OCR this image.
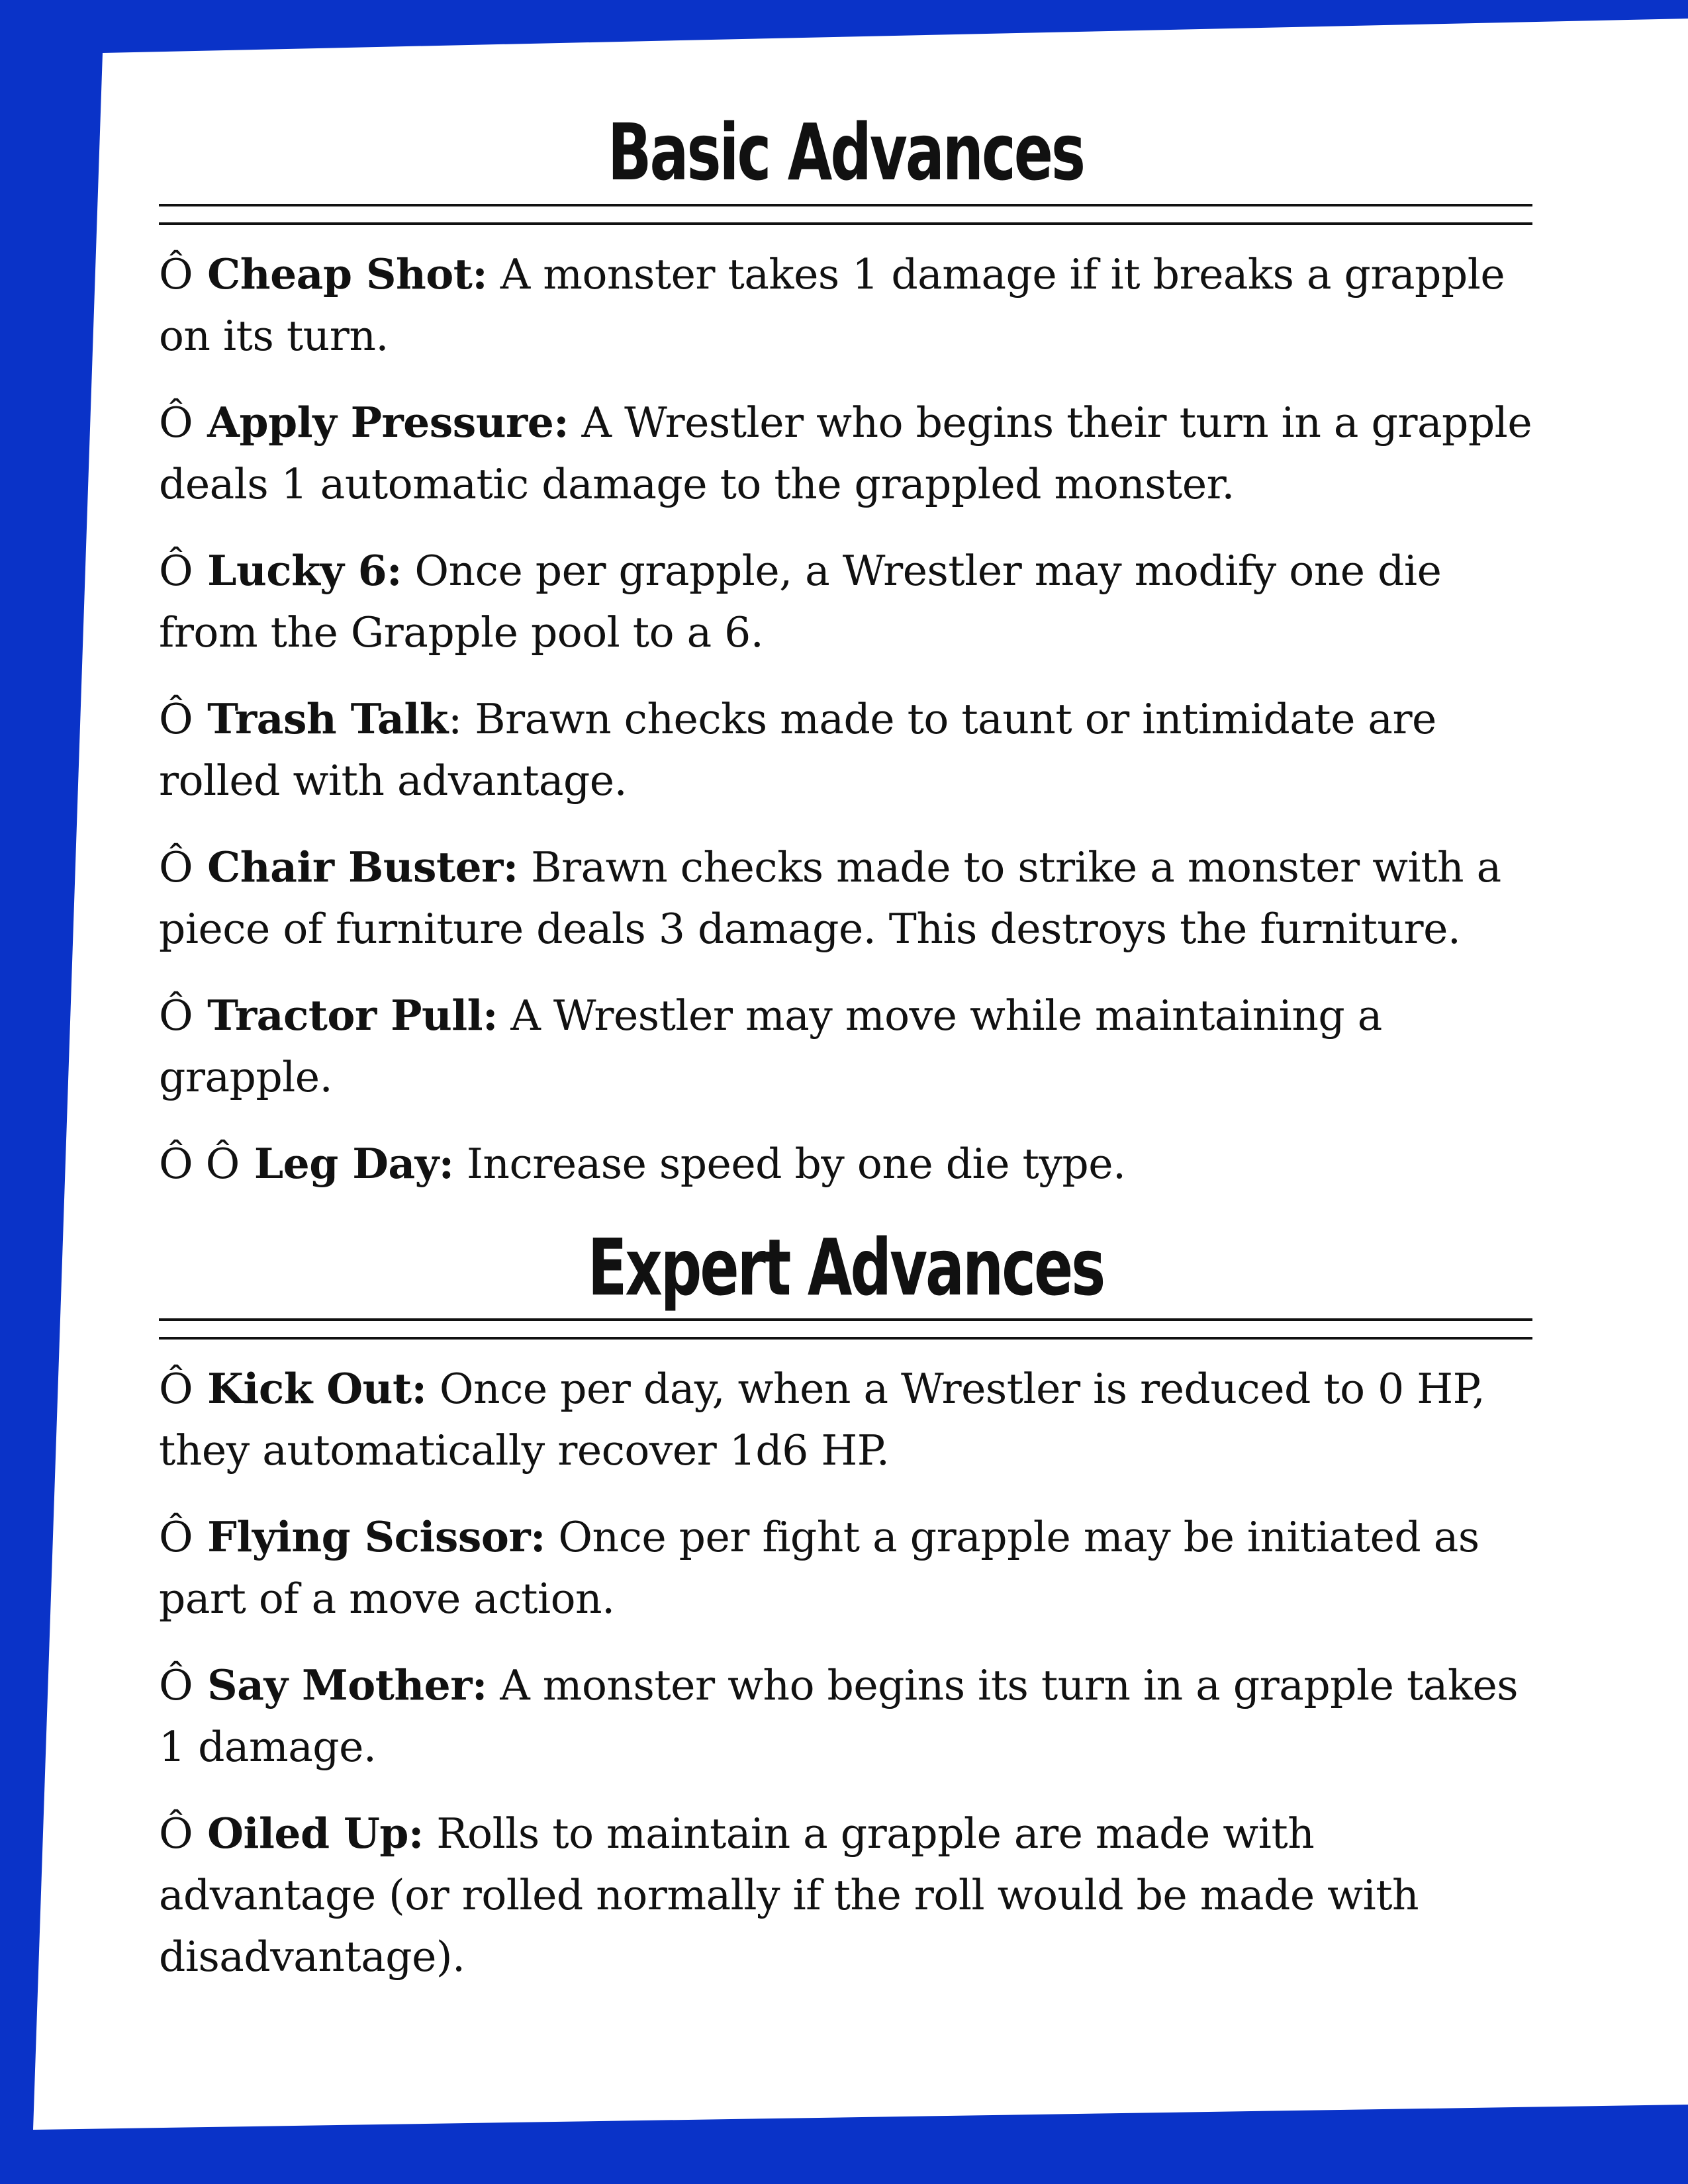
Basic Advances

Ô Cheap Shot: A monster takes 1 damage if it breaks a grapple on its turn.

Ô Apply Pressure: A Wrestler who begins their turn in a grapple deals 1 automatic damage to the grappled monster.

Ô Lucky 6: Once per grapple, a Wrestler may modify one die from the Grapple pool to a 6.

Ô Trash Talk: Brawn checks made to taunt or intimidate are rolled with advantage.

Ô Chair Buster: Brawn checks made to strike a monster with a piece of furniture deals 3 damage. This destroys the furniture.

Ô Tractor Pull: A Wrestler may move while maintaining a grapple.

Ô Ô Leg Day: Increase speed by one die type.

Expert Advances

Ô Kick Out: Once per day, when a Wrestler is reduced to 0 HP, they automatically recover 1d6 HP.

Ô Flying Scissor: Once per fight a grapple may be initiated as part of a move action.

Ô Say Mother: A monster who begins its turn in a grapple takes 1 damage.

Ô Oiled Up: Rolls to maintain a grapple are made with advantage (or rolled normally if the roll would be made with disadvantage).
